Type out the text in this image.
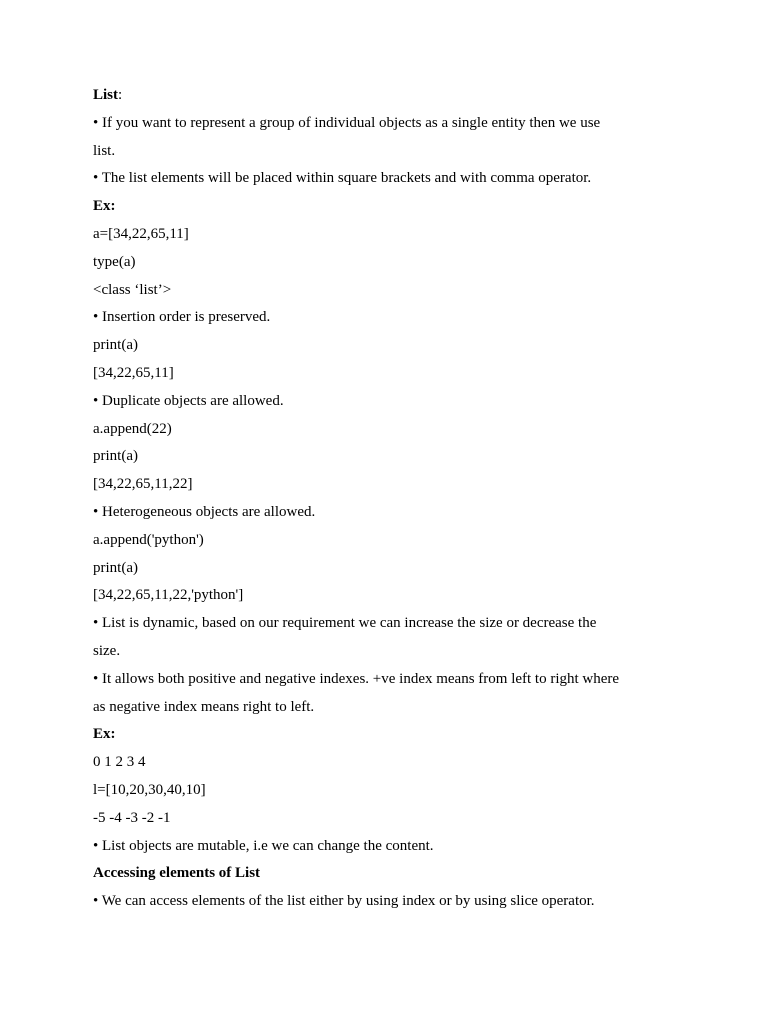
List:
• If you want to represent a group of individual objects as a single entity then we use
list.
• The list elements will be placed within square brackets and with comma operator.
Ex:
a=[34,22,65,11]
type(a)
<class ‘list’>
• Insertion order is preserved.
print(a)
[34,22,65,11]
• Duplicate objects are allowed.
a.append(22)
print(a)
[34,22,65,11,22]
• Heterogeneous objects are allowed.
a.append('python')
print(a)
[34,22,65,11,22,'python']
• List is dynamic, based on our requirement we can increase the size or decrease the
size.
• It allows both positive and negative indexes. +ve index means from left to right where
as negative index means right to left.
Ex:
0 1 2 3 4
l=[10,20,30,40,10]
-5 -4 -3 -2 -1
• List objects are mutable, i.e we can change the content.
Accessing elements of List
• We can access elements of the list either by using index or by using slice operator.
